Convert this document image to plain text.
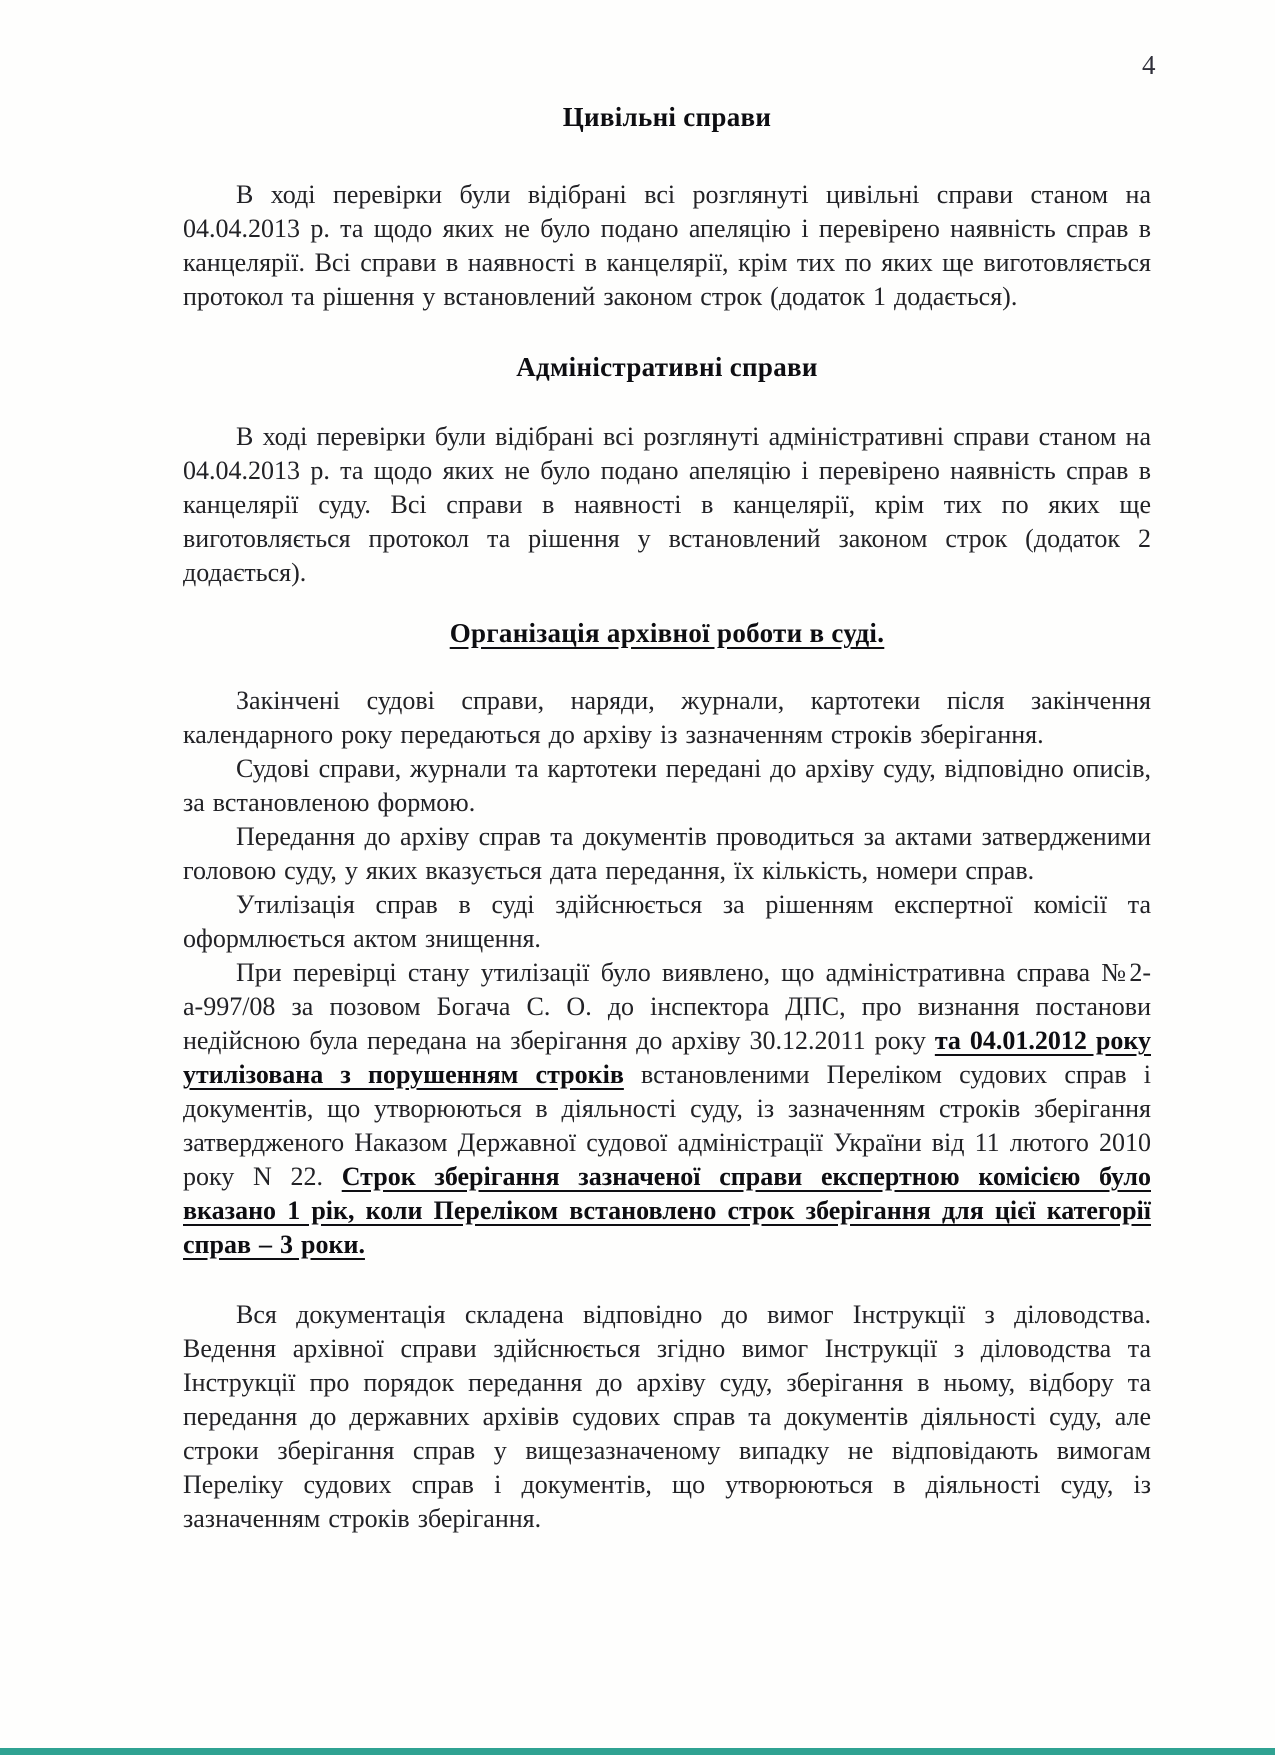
4
Цивільні справи

В ході перевірки були відібрані всі розглянуті цивільні справи станом на 04.04.2013 р. та щодо яких не було подано апеляцію і перевірено наявність справ в канцелярії. Всі справи в наявності в канцелярії, крім тих по яких ще виготовляється протокол та рішення у встановлений законом строк (додаток 1 додається).

Адміністративні справи

В ході перевірки були відібрані всі розглянуті адміністративні справи станом на 04.04.2013 р. та щодо яких не було подано апеляцію і перевірено наявність справ в канцелярії суду. Всі справи в наявності в канцелярії, крім тих по яких ще виготовляється протокол та рішення у встановлений законом строк (додаток 2 додається).

Організація архівної роботи в суді.

Закінчені судові справи, наряди, журнали, картотеки після закінчення календарного року передаються до архіву із зазначенням строків зберігання.

Судові справи, журнали та картотеки передані до архіву суду, відповідно описів, за встановленою формою.

Передання до архіву справ та документів проводиться за актами затвердженими головою суду, у яких вказується дата передання, їх кількість, номери справ.

Утилізація справ в суді здійснюється за рішенням експертної комісії та оформлюється актом знищення.

При перевірці стану утилізації було виявлено, що адміністративна справа №2-а-997/08 за позовом Богача С. О. до інспектора ДПС, про визнання постанови недійсною була передана на зберігання до архіву 30.12.2011 року та 04.01.2012 року утилізована з порушенням строків встановленими Переліком судових справ і документів, що утворюються в діяльності суду, із зазначенням строків зберігання затвердженого Наказом Державної судової адміністрації України від 11 лютого 2010 року N 22. Строк зберігання зазначеної справи експертною комісією було вказано 1 рік, коли Переліком встановлено строк зберігання для цієї категорії справ – 3 роки.

Вся документація складена відповідно до вимог Інструкції з діловодства. Ведення архівної справи здійснюється згідно вимог Інструкції з діловодства та Інструкції про порядок передання до архіву суду, зберігання в ньому, відбору та передання до державних архівів судових справ та документів діяльності суду, але строки зберігання справ у вищезазначеному випадку не відповідають вимогам Переліку судових справ і документів, що утворюються в діяльності суду, із зазначенням строків зберігання.
